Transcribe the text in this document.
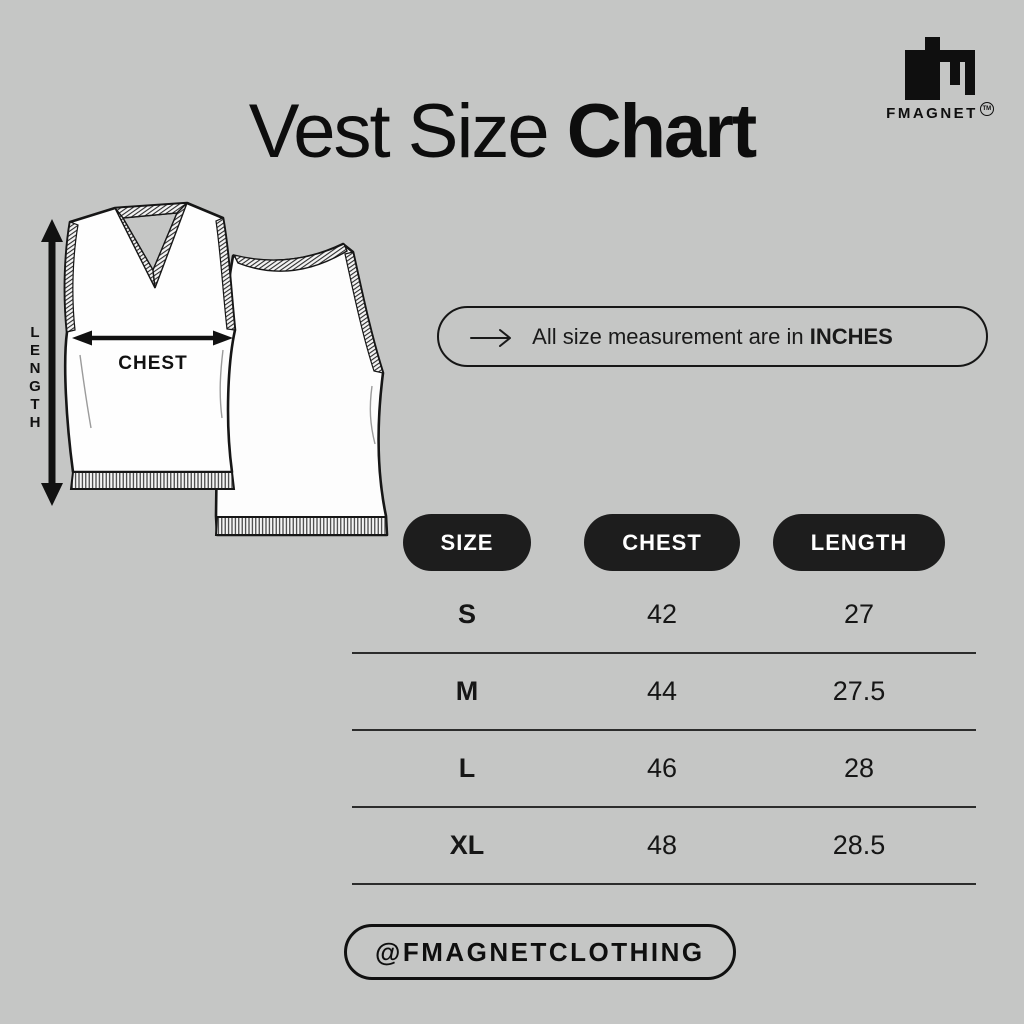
FMAGNET TM
Vest Size Chart
L
E
N
G
T
H
CHEST
All size measurement are in INCHES
SIZE	CHEST	LENGTH
S	42	27
M	44	27.5
L	46	28
XL	48	28.5
@FMAGNETCLOTHING
